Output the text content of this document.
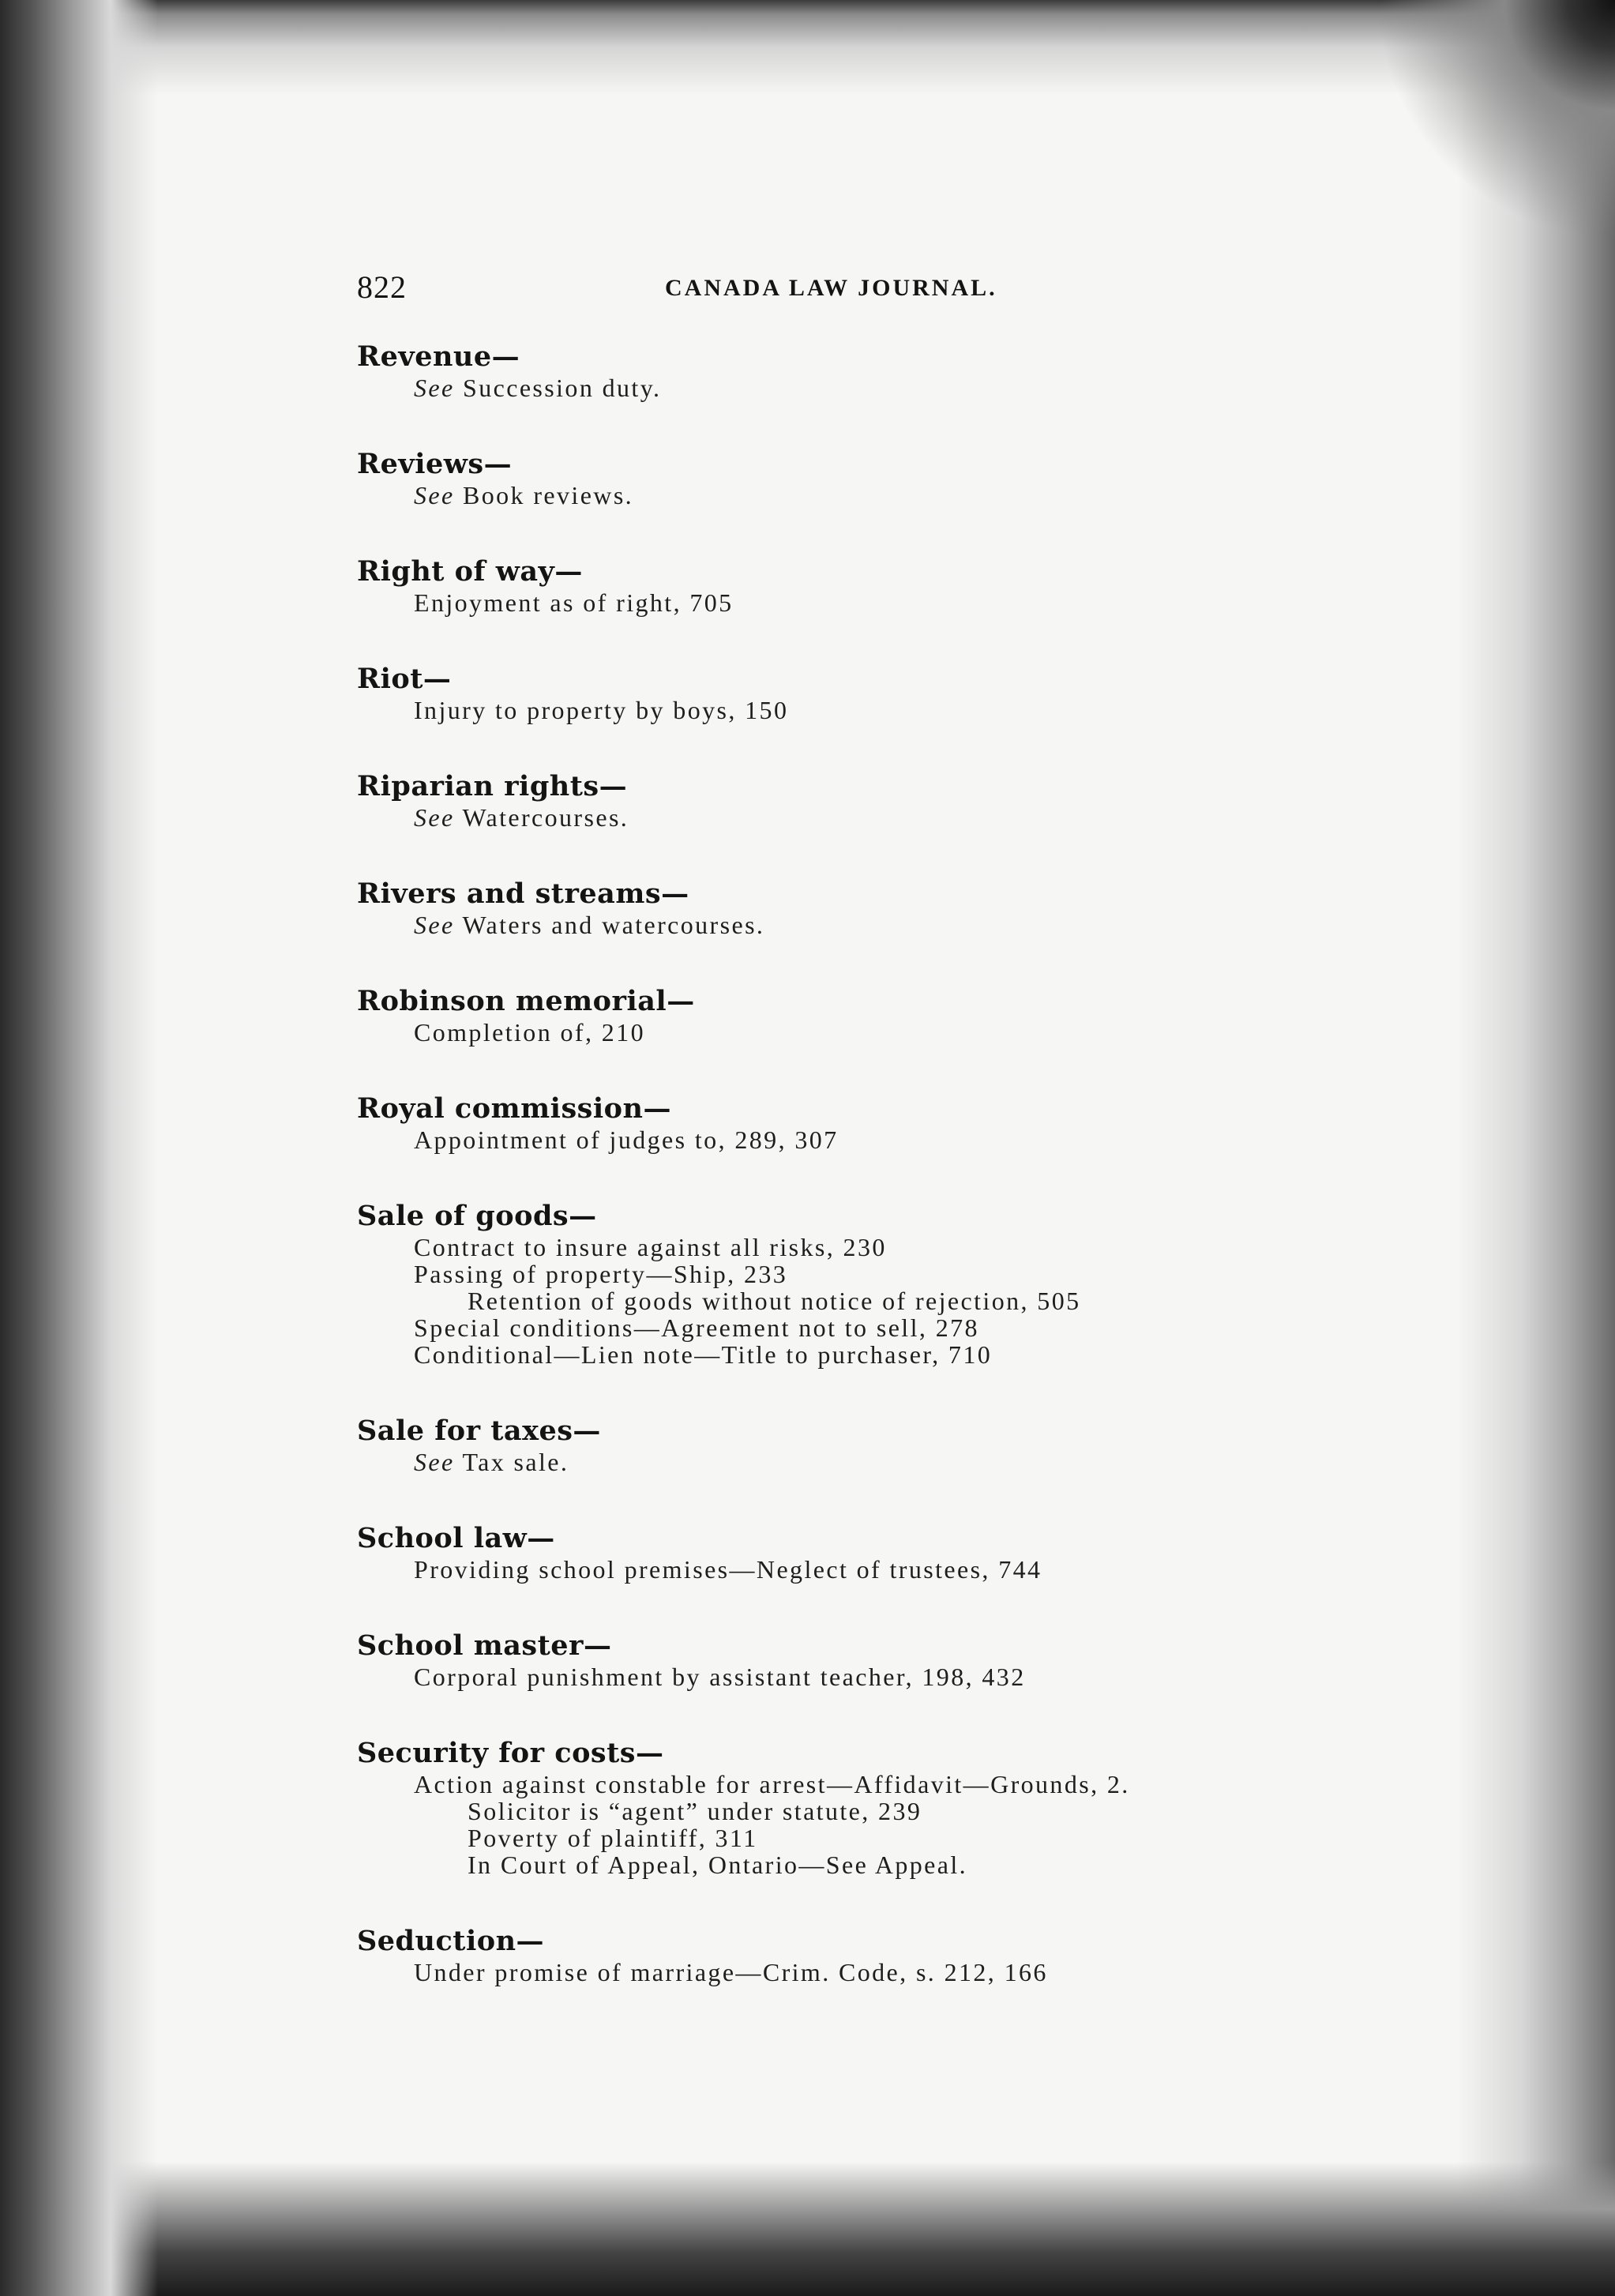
822	CANADA LAW JOURNAL.
Revenue—
See Succession duty.
Reviews—
See Book reviews.
Right of way—
Enjoyment as of right, 705
Riot—
Injury to property by boys, 150
Riparian rights—
See Watercourses.
Rivers and streams—
See Waters and watercourses.
Robinson memorial—
Completion of, 210
Royal commission—
Appointment of judges to, 289, 307
Sale of goods—
Contract to insure against all risks, 230
Passing of property—Ship, 233
Retention of goods without notice of rejection, 505
Special conditions—Agreement not to sell, 278
Conditional—Lien note—Title to purchaser, 710
Sale for taxes—
See Tax sale.
School law—
Providing school premises—Neglect of trustees, 744
School master—
Corporal punishment by assistant teacher, 198, 432
Security for costs—
Action against constable for arrest—Affidavit—Grounds, 2.
Solicitor is “agent” under statute, 239
Poverty of plaintiff, 311
In Court of Appeal, Ontario—See Appeal.
Seduction—
Under promise of marriage—Crim. Code, s. 212, 166
